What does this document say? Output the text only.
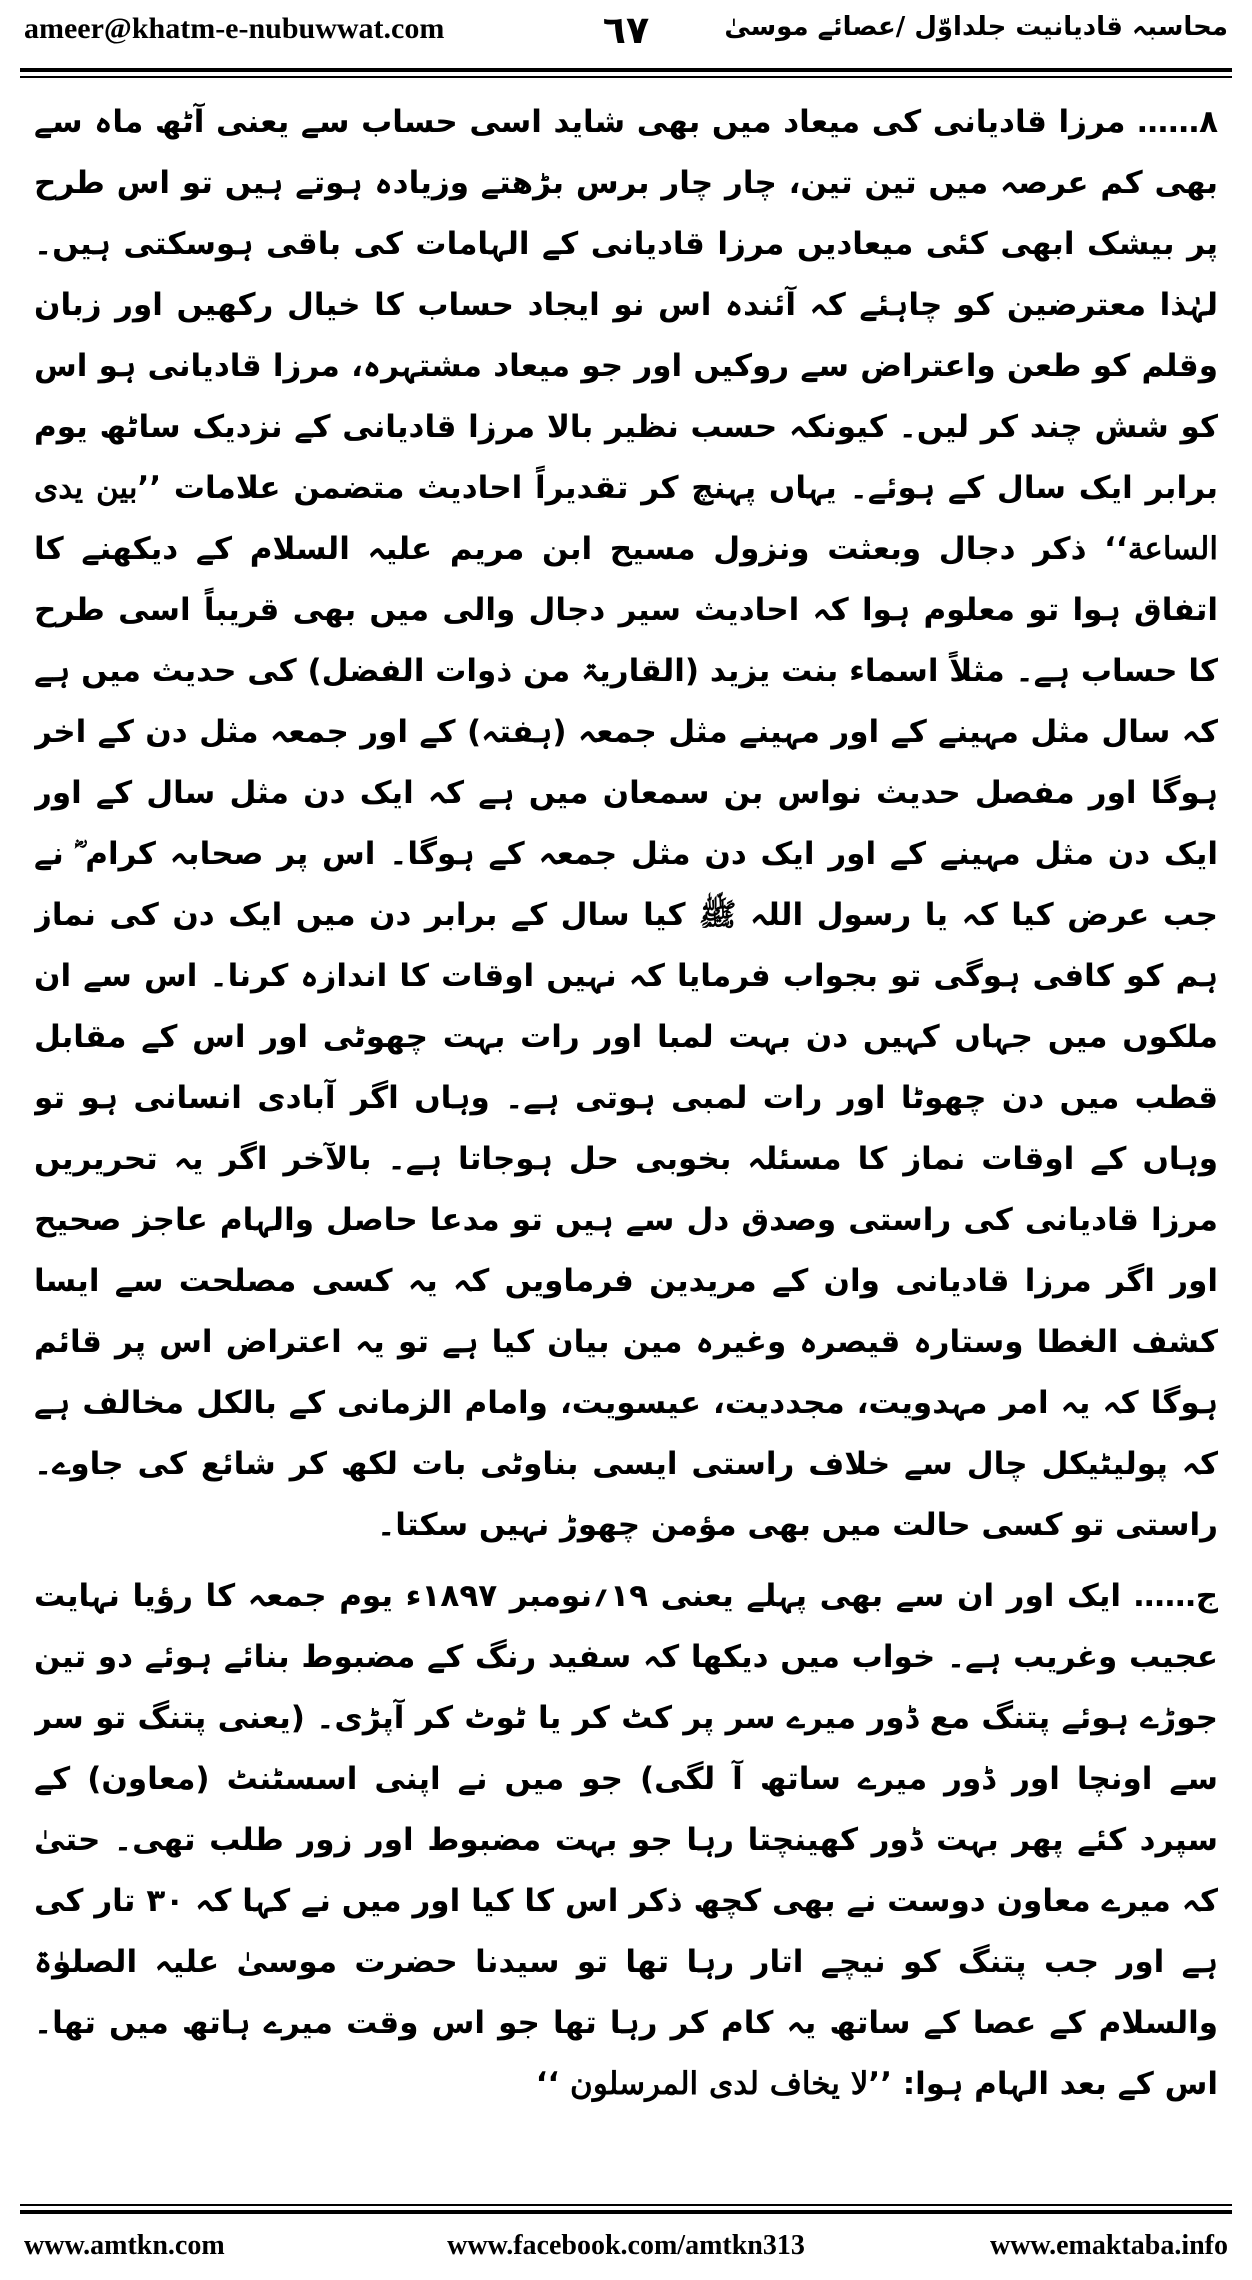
ameer@khatm-e-nubuwwat.com	٦٧	محاسبہ قادیانیت جلداوّل /عصائے موسیٰ

٨…… مرزا قادیانی کی میعاد میں بھی شاید اسی حساب سے یعنی آٹھ ماہ سے بھی کم عرصہ میں تین تین، چار چار برس بڑھتے وزیادہ ہوتے ہیں تو اس طرح پر بیشک ابھی کئی میعادیں مرزا قادیانی کے الہامات کی باقی ہوسکتی ہیں۔ لہٰذا معترضین کو چاہئے کہ آئندہ اس نو ایجاد حساب کا خیال رکھیں اور زبان وقلم کو طعن واعتراض سے روکیں اور جو میعاد مشتہرہ، مرزا قادیانی ہو اس کو شش چند کر لیں۔ کیونکہ حسب نظیر بالا مرزا قادیانی کے نزدیک ساٹھ یوم برابر ایک سال کے ہوئے۔ یہاں پہنچ کر تقدیراً احادیث متضمن علامات ’’بین یدی الساعة‘‘ ذکر دجال وبعثت ونزول مسیح ابن مریم علیہ السلام کے دیکھنے کا اتفاق ہوا تو معلوم ہوا کہ احادیث سیر دجال والی میں بھی قریباً اسی طرح کا حساب ہے۔ مثلاً اسماء بنت یزید (القاریۃ من ذوات الفضل) کی حدیث میں ہے کہ سال مثل مہینے کے اور مہینے مثل جمعہ (ہفتہ) کے اور جمعہ مثل دن کے اخر ہوگا اور مفصل حدیث نواس بن سمعان میں ہے کہ ایک دن مثل سال کے اور ایک دن مثل مہینے کے اور ایک دن مثل جمعہ کے ہوگا۔ اس پر صحابہ کرام ؓ نے جب عرض کیا کہ یا رسول اللہ ﷺ کیا سال کے برابر دن میں ایک دن کی نماز ہم کو کافی ہوگی تو بجواب فرمایا کہ نہیں اوقات کا اندازہ کرنا۔ اس سے ان ملکوں میں جہاں کہیں دن بہت لمبا اور رات بہت چھوٹی اور اس کے مقابل قطب میں دن چھوٹا اور رات لمبی ہوتی ہے۔ وہاں اگر آبادی انسانی ہو تو وہاں کے اوقات نماز کا مسئلہ بخوبی حل ہوجاتا ہے۔ بالآخر اگر یہ تحریریں مرزا قادیانی کی راستی وصدق دل سے ہیں تو مدعا حاصل والہام عاجز صحیح اور اگر مرزا قادیانی وان کے مریدین فرماویں کہ یہ کسی مصلحت سے ایسا کشف الغطا وستارہ قیصرہ وغیرہ مین بیان کیا ہے تو یہ اعتراض اس پر قائم ہوگا کہ یہ امر مہدویت، مجددیت، عیسویت، وامام الزمانی کے بالکل مخالف ہے کہ پولیٹیکل چال سے خلاف راستی ایسی بناوٹی بات لکھ کر شائع کی جاوے۔ راستی تو کسی حالت میں بھی مؤمن چھوڑ نہیں سکتا۔

ج…… ایک اور ان سے بھی پہلے یعنی ١٩؍نومبر ١٨٩٧ء یوم جمعہ کا رؤیا نہایت عجیب وغریب ہے۔ خواب میں دیکھا کہ سفید رنگ کے مضبوط بنائے ہوئے دو تین جوڑے ہوئے پتنگ مع ڈور میرے سر پر کٹ کر یا ٹوٹ کر آپڑی۔ (یعنی پتنگ تو سر سے اونچا اور ڈور میرے ساتھ آ لگی) جو میں نے اپنی اسسٹنٹ (معاون) کے سپرد کئے پھر بہت ڈور کھینچتا رہا جو بہت مضبوط اور زور طلب تھی۔ حتیٰ کہ میرے معاون دوست نے بھی کچھ ذکر اس کا کیا اور میں نے کہا کہ ٣٠ تار کی ہے اور جب پتنگ کو نیچے اتار رہا تھا تو سیدنا حضرت موسیٰ علیہ الصلوٰۃ والسلام کے عصا کے ساتھ یہ کام کر رہا تھا جو اس وقت میرے ہاتھ میں تھا۔ اس کے بعد الہام ہوا: ’’لا یخاف لدی المرسلون ‘‘

www.amtkn.com	www.facebook.com/amtkn313	www.emaktaba.info
